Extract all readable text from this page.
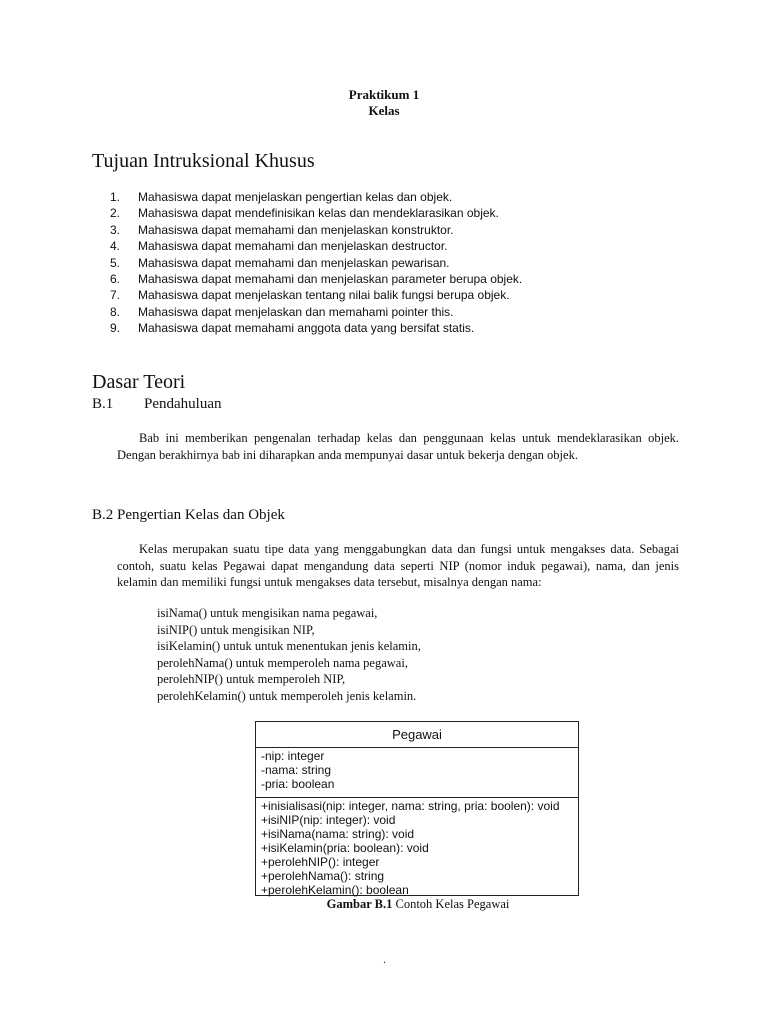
Praktikum 1
Kelas
Tujuan Intruksional Khusus
1. Mahasiswa dapat menjelaskan pengertian kelas dan objek.
2. Mahasiswa dapat mendefinisikan kelas dan mendeklarasikan objek.
3. Mahasiswa dapat memahami dan menjelaskan konstruktor.
4. Mahasiswa dapat memahami dan menjelaskan destructor.
5. Mahasiswa dapat memahami dan menjelaskan pewarisan.
6. Mahasiswa dapat memahami dan menjelaskan parameter berupa objek.
7. Mahasiswa dapat menjelaskan tentang nilai balik fungsi berupa objek.
8. Mahasiswa dapat menjelaskan dan memahami pointer this.
9. Mahasiswa dapat memahami anggota data yang bersifat statis.
Dasar Teori
B.1 Pendahuluan

Bab ini memberikan pengenalan terhadap kelas dan penggunaan kelas untuk mendeklarasikan objek. Dengan berakhirnya bab ini diharapkan anda mempunyai dasar untuk bekerja dengan objek.

B.2 Pengertian Kelas dan Objek

Kelas merupakan suatu tipe data yang menggabungkan data dan fungsi untuk mengakses data. Sebagai contoh, suatu kelas Pegawai dapat mengandung data seperti NIP (nomor induk pegawai), nama, dan jenis kelamin dan memiliki fungsi untuk mengakses data tersebut, misalnya dengan nama:

isiNama() untuk mengisikan nama pegawai,
isiNIP() untuk mengisikan NIP,
isiKelamin() untuk untuk menentukan jenis kelamin,
perolehNama() untuk memperoleh nama pegawai,
perolehNIP() untuk memperoleh NIP,
perolehKelamin() untuk memperoleh jenis kelamin.
Pegawai
-nip: integer
-nama: string
-pria: boolean
+inisialisasi(nip: integer, nama: string, pria: boolen): void
+isiNIP(nip: integer): void
+isiNama(nama: string): void
+isiKelamin(pria: boolean): void
+perolehNIP(): integer
+perolehNama(): string
+perolehKelamin(): boolean
Gambar B.1 Contoh Kelas Pegawai
.
